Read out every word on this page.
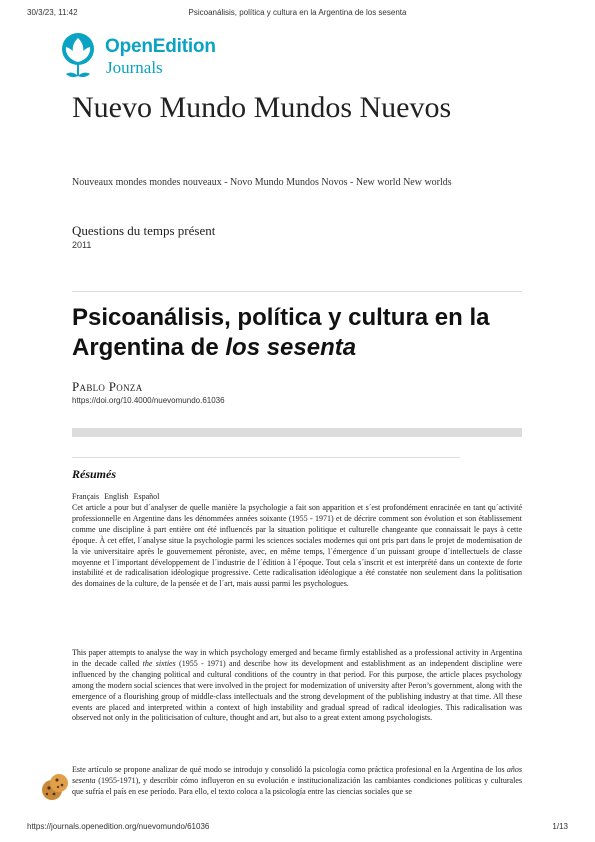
30/3/23, 11:42	Psicoanálisis, política y cultura en la Argentina de los sesenta
OpenEdition
Journals
Nuevo Mundo Mundos Nuevos
Nouveaux mondes mondes nouveaux - Novo Mundo Mundos Novos - New world New worlds
Questions du temps présent
2011
Psicoanálisis, política y cultura en la Argentina de los sesenta
Pablo Ponza
https://doi.org/10.4000/nuevomundo.61036
Résumés
Français English Español

Cet article a pour but d´analyser de quelle manière la psychologie a fait son apparition et s´est profondément enracinée en tant qu´activité professionnelle en Argentine dans les dénommées années soixante (1955 - 1971) et de décrire comment son évolution et son établissement comme une discipline à part entière ont été influencés par la situation politique et culturelle changeante que connaissait le pays à cette époque. À cet effet, l´analyse situe la psychologie parmi les sciences sociales modernes qui ont pris part dans le projet de modernisation de la vie universitaire après le gouvernement péroniste, avec, en même temps, l´émergence d´un puissant groupe d´intellectuels de classe moyenne et l´important développement de l´industrie de l´édition à l´époque. Tout cela s´inscrit et est interprété dans un contexte de forte instabilité et de radicalisation idéologique progressive. Cette radicalisation idéologique a été constatée non seulement dans la politisation des domaines de la culture, de la pensée et de l´art, mais aussi parmi les psychologues.

This paper attempts to analyse the way in which psychology emerged and became firmly established as a professional activity in Argentina in the decade called the sixties (1955 - 1971) and describe how its development and establishment as an independent discipline were influenced by the changing political and cultural conditions of the country in that period. For this purpose, the article places psychology among the modern social sciences that were involved in the project for modernization of university after Peron’s government, along with the emergence of a flourishing group of middle-class intellectuals and the strong development of the publishing industry at that time. All these events are placed and interpreted within a context of high instability and gradual spread of radical ideologies. This radicalisation was observed not only in the politicisation of culture, thought and art, but also to a great extent among psychologists.

Este artículo se propone analizar de qué modo se introdujo y consolidó la psicología como práctica profesional en la Argentina de los años sesenta (1955-1971), y describir cómo influyeron en su evolución e institucionalización las cambiantes condiciones políticas y culturales que sufría el país en ese período. Para ello, el texto coloca a la psicología entre las ciencias sociales que se

https://journals.openedition.org/nuevomundo/61036	1/13
